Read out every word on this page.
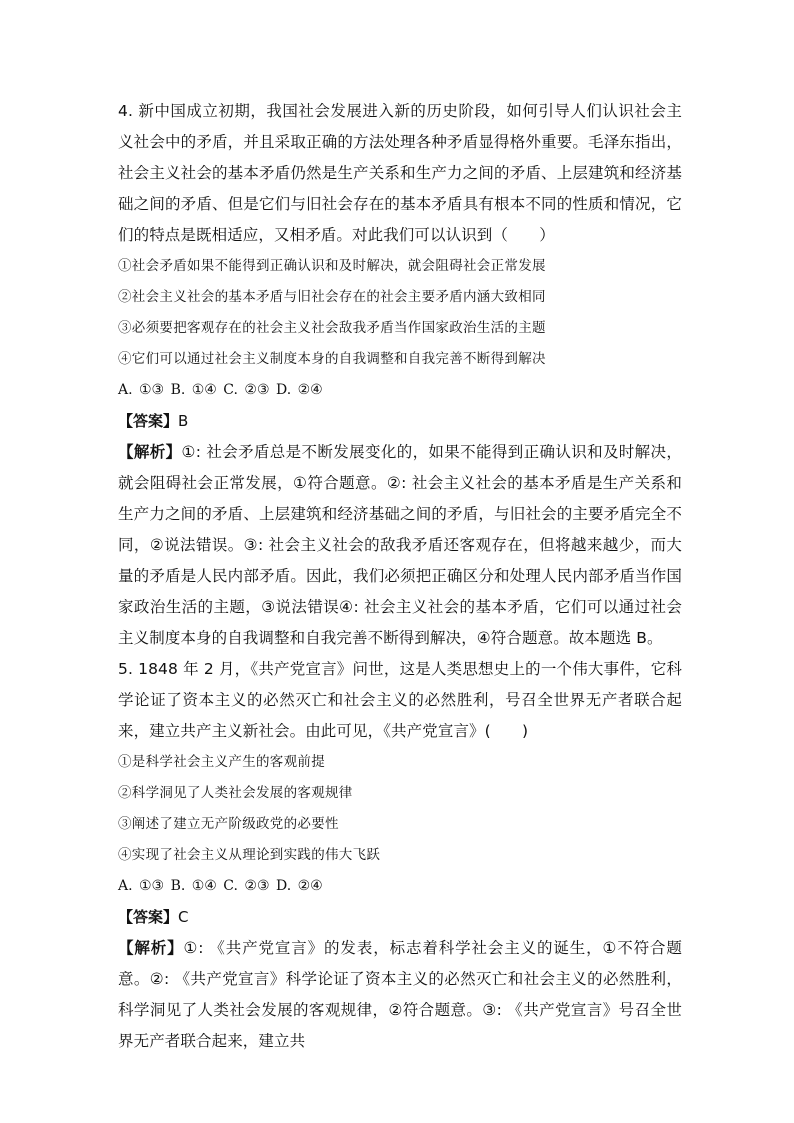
4. 新中国成立初期，我国社会发展进入新的历史阶段，如何引导人们认识社会主义社会中的矛盾，并且采取正确的方法处理各种矛盾显得格外重要。毛泽东指出，社会主义社会的基本矛盾仍然是生产关系和生产力之间的矛盾、上层建筑和经济基础之间的矛盾、但是它们与旧社会存在的基本矛盾具有根本不同的性质和情况，它们的特点是既相适应，又相矛盾。对此我们可以认识到（　　）

①社会矛盾如果不能得到正确认识和及时解决，就会阻碍社会正常发展

②社会主义社会的基本矛盾与旧社会存在的社会主要矛盾内涵大致相同

③必须要把客观存在的社会主义社会敌我矛盾当作国家政治生活的主题

④它们可以通过社会主义制度本身的自我调整和自我完善不断得到解决

A. ①③ B. ①④ C. ②③ D. ②④

【答案】B

【解析】①: 社会矛盾总是不断发展变化的，如果不能得到正确认识和及时解决，就会阻碍社会正常发展，①符合题意。②: 社会主义社会的基本矛盾是生产关系和生产力之间的矛盾、上层建筑和经济基础之间的矛盾，与旧社会的主要矛盾完全不同，②说法错误。③: 社会主义社会的敌我矛盾还客观存在，但将越来越少，而大量的矛盾是人民内部矛盾。因此，我们必须把正确区分和处理人民内部矛盾当作国家政治生活的主题，③说法错误④: 社会主义社会的基本矛盾，它们可以通过社会主义制度本身的自我调整和自我完善不断得到解决，④符合题意。故本题选 B。

5. 1848 年 2 月，《共产党宣言》问世，这是人类思想史上的一个伟大事件，它科学论证了资本主义的必然灭亡和社会主义的必然胜利，号召全世界无产者联合起来，建立共产主义新社会。由此可见，《共产党宣言》(　　)

①是科学社会主义产生的客观前提

②科学洞见了人类社会发展的客观规律

③阐述了建立无产阶级政党的必要性

④实现了社会主义从理论到实践的伟大飞跃

A. ①③ B. ①④ C. ②③ D. ②④

【答案】C

【解析】①: 《共产党宣言》的发表，标志着科学社会主义的诞生，①不符合题意。②: 《共产党宣言》科学论证了资本主义的必然灭亡和社会主义的必然胜利，科学洞见了人类社会发展的客观规律，②符合题意。③: 《共产党宣言》号召全世界无产者联合起来，建立共
